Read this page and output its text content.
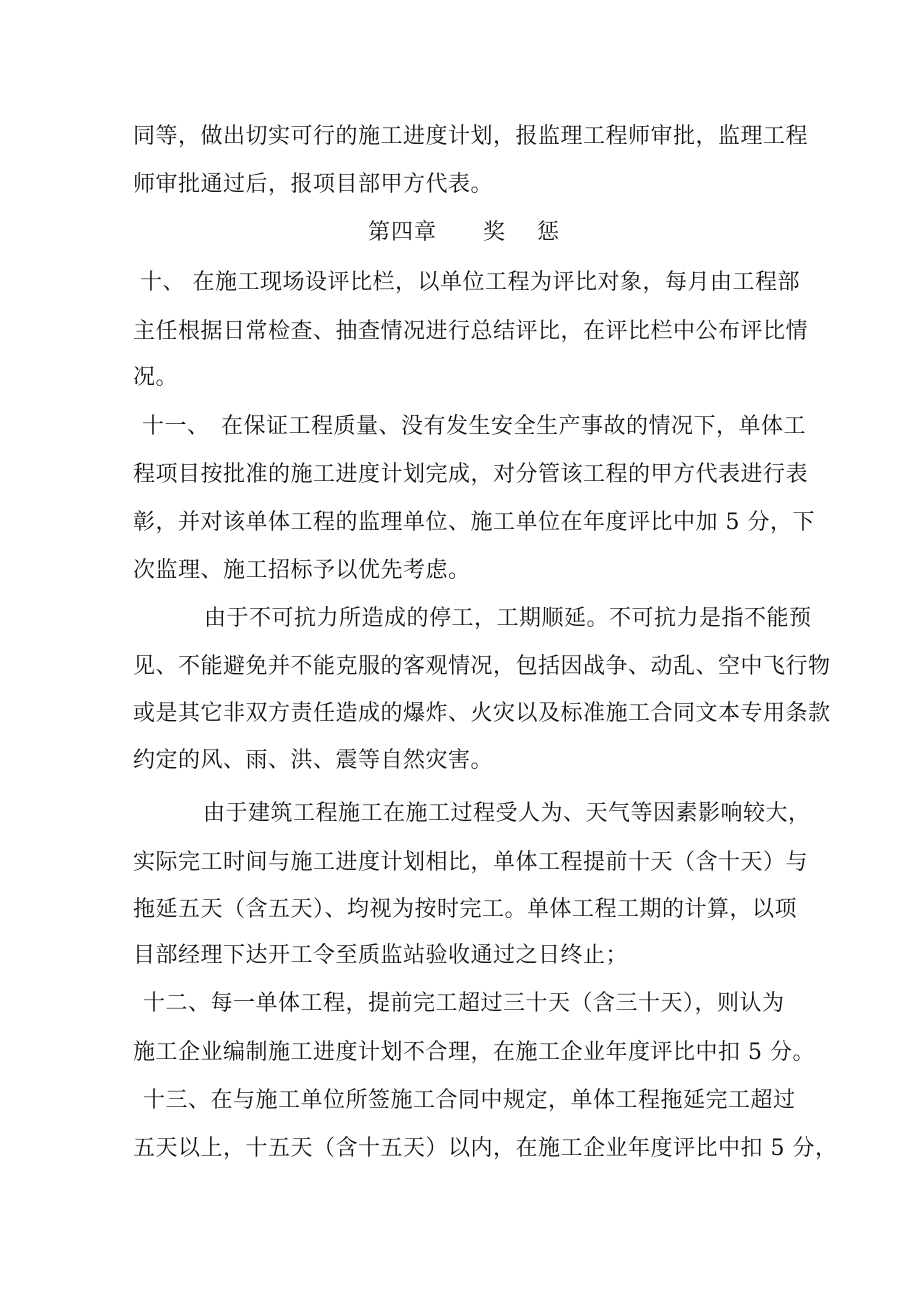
同等，做出切实可行的施工进度计划，报监理工程师审批，监理工程
师审批通过后，报项目部甲方代表。
第四章　　奖　 惩
十、 在施工现场设评比栏，以单位工程为评比对象，每月由工程部
主任根据日常检查、抽查情况进行总结评比，在评比栏中公布评比情
况。
十一、　在保证工程质量、没有发生安全生产事故的情况下，单体工
程项目按批准的施工进度计划完成，对分管该工程的甲方代表进行表
彰，并对该单体工程的监理单位、施工单位在年度评比中加 5 分，下
次监理、施工招标予以优先考虑。
由于不可抗力所造成的停工，工期顺延。不可抗力是指不能预
见、不能避免并不能克服的客观情况，包括因战争、动乱、空中飞行物
或是其它非双方责任造成的爆炸、火灾以及标准施工合同文本专用条款
约定的风、雨、洪、震等自然灾害。
由于建筑工程施工在施工过程受人为、天气等因素影响较大，
实际完工时间与施工进度计划相比，单体工程提前十天（含十天）与
拖延五天（含五天）、均视为按时完工。单体工程工期的计算，以项
目部经理下达开工令至质监站验收通过之日终止；
十二、每一单体工程，提前完工超过三十天（含三十天），则认为
施工企业编制施工进度计划不合理，在施工企业年度评比中扣 5 分。
十三、在与施工单位所签施工合同中规定，单体工程拖延完工超过
五天以上，十五天（含十五天）以内，在施工企业年度评比中扣 5 分，
